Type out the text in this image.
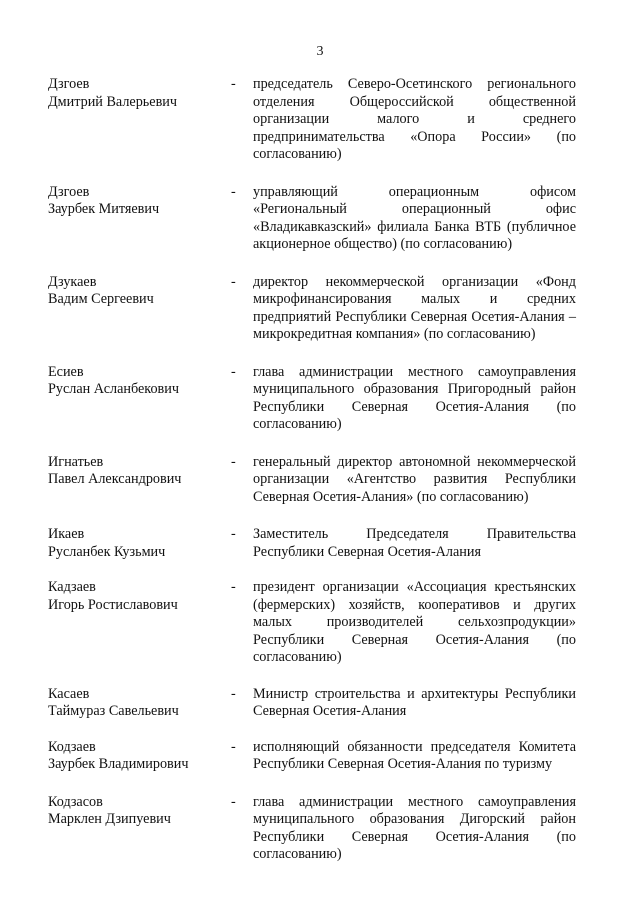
3
Дзгоев
Дмитрий Валерьевич
-	председатель Северо-Осетинского регионального отделения Общероссийской общественной организации малого и среднего предпринимательства «Опора России» (по согласованию)
Дзгоев
Заурбек Митяевич
-	управляющий операционным офисом «Региональный операционный офис «Владикавказский» филиала Банка ВТБ (публичное акционерное общество) (по согласованию)
Дзукаев
Вадим Сергеевич
-	директор некоммерческой организации «Фонд микрофинансирования малых и средних предприятий Республики Северная Осетия-Алания – микрокредитная компания» (по согласованию)
Есиев
Руслан Асланбекович
-	глава администрации местного самоуправления муниципального образования Пригородный район Республики Северная Осетия-Алания (по согласованию)
Игнатьев
Павел Александрович
-	генеральный директор автономной некоммерческой организации «Агентство развития Республики Северная Осетия-Алания» (по согласованию)
Икаев
Русланбек Кузьмич
-	Заместитель Председателя Правительства Республики Северная Осетия-Алания
Кадзаев
Игорь Ростиславович
-	президент организации «Ассоциация крестьянских (фермерских) хозяйств, кооперативов и других малых производителей сельхозпродукции» Республики Северная Осетия-Алания (по согласованию)
Касаев
Таймураз Савельевич
-	Министр строительства и архитектуры Республики Северная Осетия-Алания
Кодзаев
Заурбек Владимирович
-	исполняющий обязанности председателя Комитета Республики Северная Осетия-Алания по туризму
Кодзасов
Марклен Дзипуевич
-	глава администрации местного самоуправления муниципального образования Дигорский район Республики Северная Осетия-Алания (по согласованию)
